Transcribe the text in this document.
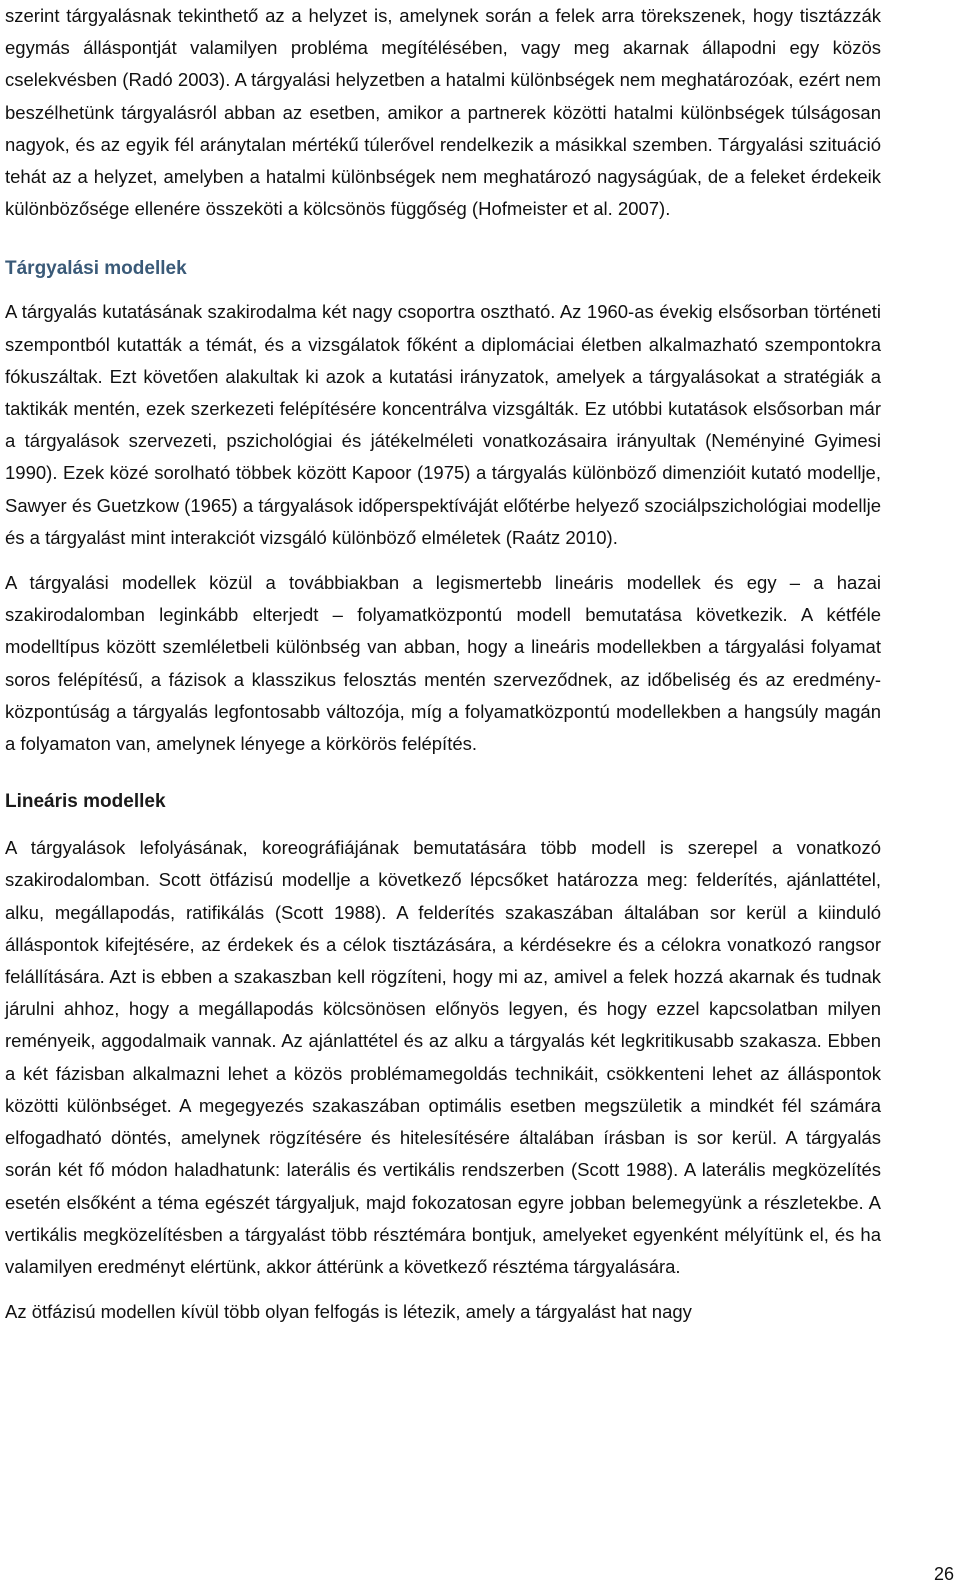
szerint tárgyalásnak tekinthető az a helyzet is, amelynek során a felek arra törekszenek, hogy tisztázzák egymás álláspontját valamilyen probléma megítélésében, vagy meg akarnak állapodni egy közös cselekvésben (Radó 2003). A tárgyalási helyzetben a hatalmi különbségek nem meghatározóak, ezért nem beszélhetünk tárgyalásról abban az esetben, amikor a partnerek közötti hatalmi különbségek túlságosan nagyok, és az egyik fél aránytalan mértékű túlerővel rendelkezik a másikkal szemben. Tárgyalási szituáció tehát az a helyzet, amelyben a hatalmi különbségek nem meghatározó nagyságúak, de a feleket érdekeik különbözősége ellenére összeköti a kölcsönös függőség (Hofmeister et al. 2007).

Tárgyalási modellek

A tárgyalás kutatásának szakirodalma két nagy csoportra osztható. Az 1960-as évekig elsősorban történeti szempontból kutatták a témát, és a vizsgálatok főként a diplomáciai életben alkalmazható szempontokra fókuszáltak. Ezt követően alakultak ki azok a kutatási irányzatok, amelyek a tárgyalásokat a stratégiák a taktikák mentén, ezek szerkezeti felépítésére koncentrálva vizsgálták. Ez utóbbi kutatások elsősorban már a tárgyalások szervezeti, pszichológiai és játékelméleti vonatkozásaira irányultak (Neményiné Gyimesi 1990). Ezek közé sorolható többek között Kapoor (1975) a tárgyalás különböző dimenzióit kutató modellje, Sawyer és Guetzkow (1965) a tárgyalások időperspektíváját előtérbe helyező szociálpszichológiai modellje és a tárgyalást mint interakciót vizsgáló különböző elméletek (Raátz 2010).

A tárgyalási modellek közül a továbbiakban a legismertebb lineáris modellek és egy – a hazai szakirodalomban leginkább elterjedt – folyamatközpontú modell bemutatása következik. A kétféle modelltípus között szemléletbeli különbség van abban, hogy a lineáris modellekben a tárgyalási folyamat soros felépítésű, a fázisok a klasszikus felosztás mentén szerveződnek, az időbeliség és az eredmény-központúság a tárgyalás legfontosabb változója, míg a folyamatközpontú modellekben a hangsúly magán a folyamaton van, amelynek lényege a körkörös felépítés.

Lineáris modellek

A tárgyalások lefolyásának, koreográfiájának bemutatására több modell is szerepel a vonatkozó szakirodalomban. Scott ötfázisú modellje a következő lépcsőket határozza meg: felderítés, ajánlattétel, alku, megállapodás, ratifikálás (Scott 1988). A felderítés szakaszában általában sor kerül a kiinduló álláspontok kifejtésére, az érdekek és a célok tisztázására, a kérdésekre és a célokra vonatkozó rangsor felállítására. Azt is ebben a szakaszban kell rögzíteni, hogy mi az, amivel a felek hozzá akarnak és tudnak járulni ahhoz, hogy a megállapodás kölcsönösen előnyös legyen, és hogy ezzel kapcsolatban milyen reményeik, aggodalmaik vannak. Az ajánlattétel és az alku a tárgyalás két legkritikusabb szakasza. Ebben a két fázisban alkalmazni lehet a közös problémamegoldás technikáit, csökkenteni lehet az álláspontok közötti különbséget. A megegyezés szakaszában optimális esetben megszületik a mindkét fél számára elfogadható döntés, amelynek rögzítésére és hitelesítésére általában írásban is sor kerül. A tárgyalás során két fő módon haladhatunk: laterális és vertikális rendszerben (Scott 1988). A laterális megközelítés esetén elsőként a téma egészét tárgyaljuk, majd fokozatosan egyre jobban belemegyünk a részletekbe. A vertikális megközelítésben a tárgyalást több résztémára bontjuk, amelyeket egyenként mélyítünk el, és ha valamilyen eredményt elértünk, akkor áttérünk a következő résztéma tárgyalására.

Az ötfázisú modellen kívül több olyan felfogás is létezik, amely a tárgyalást hat nagy

26
